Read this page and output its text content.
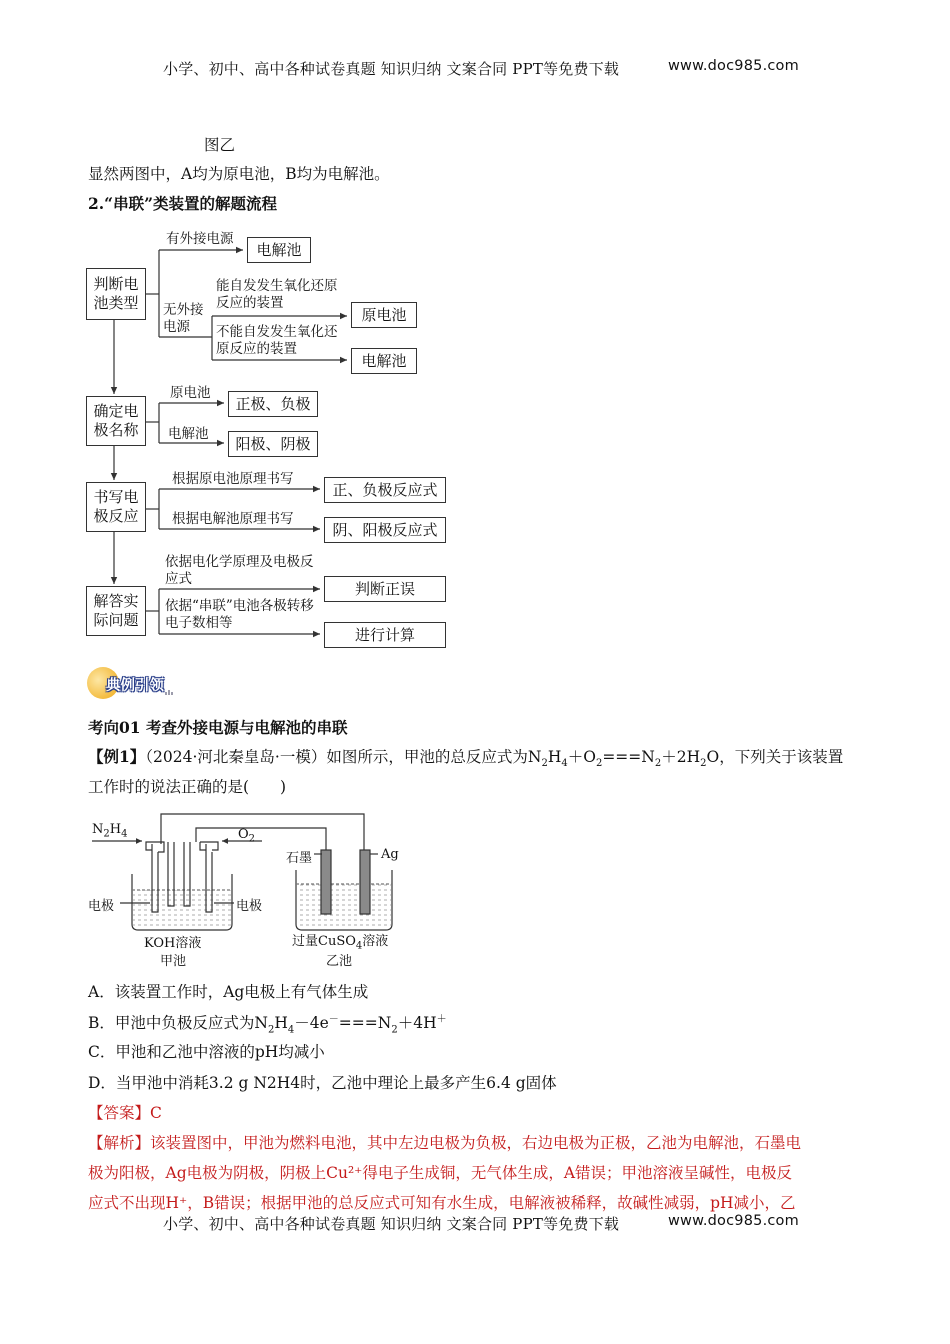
小学、初中、高中各种试卷真题 知识归纳 文案合同 PPT等免费下载	www.doc985.com
图乙
显然两图中，A均为原电池，B均为电解池。
2.“串联”类装置的解题流程
判断电池类型
确定电极名称
书写电极反应
解答实际问题
有外接电源
电解池
无外接电源
能自发发生氧化还原反应的装置
原电池
不能自发发生氧化还原反应的装置
电解池
原电池
正极、负极
电解池
阳极、阴极
根据原电池原理书写
正、负极反应式
根据电解池原理书写
阴、阳极反应式
依据电化学原理及电极反应式
判断正误
依据“串联”电池各极转移电子数相等
进行计算
典例引领
考向01 考查外接电源与电解池的串联
【例1】（2024·河北秦皇岛·一模）如图所示，甲池的总反应式为$N_2H_4+O_2===N_2+2H_2O$，下列关于该装置
工作时的说法正确的是(　　)
$N_2H_4$	$O_2$
电极	电极
KOH溶液
甲池
石墨	Ag
过量CuSO$_4$溶液
乙池
A．该装置工作时，Ag电极上有气体生成
B．甲池中负极反应式为$N_2H_4-4e^-===N_2+4H^+$
C．甲池和乙池中溶液的pH均减小
D．当甲池中消耗3.2 g N2H4时，乙池中理论上最多产生6.4 g固体
【答案】C
【解析】该装置图中，甲池为燃料电池，其中左边电极为负极，右边电极为正极，乙池为电解池，石墨电
极为阳极，Ag电极为阴极，阴极上Cu²⁺得电子生成铜，无气体生成，A错误；甲池溶液呈碱性，电极反
应式不出现H⁺，B错误；根据甲池的总反应式可知有水生成，电解液被稀释，故碱性减弱，pH减小，乙
小学、初中、高中各种试卷真题 知识归纳 文案合同 PPT等免费下载	www.doc985.com
